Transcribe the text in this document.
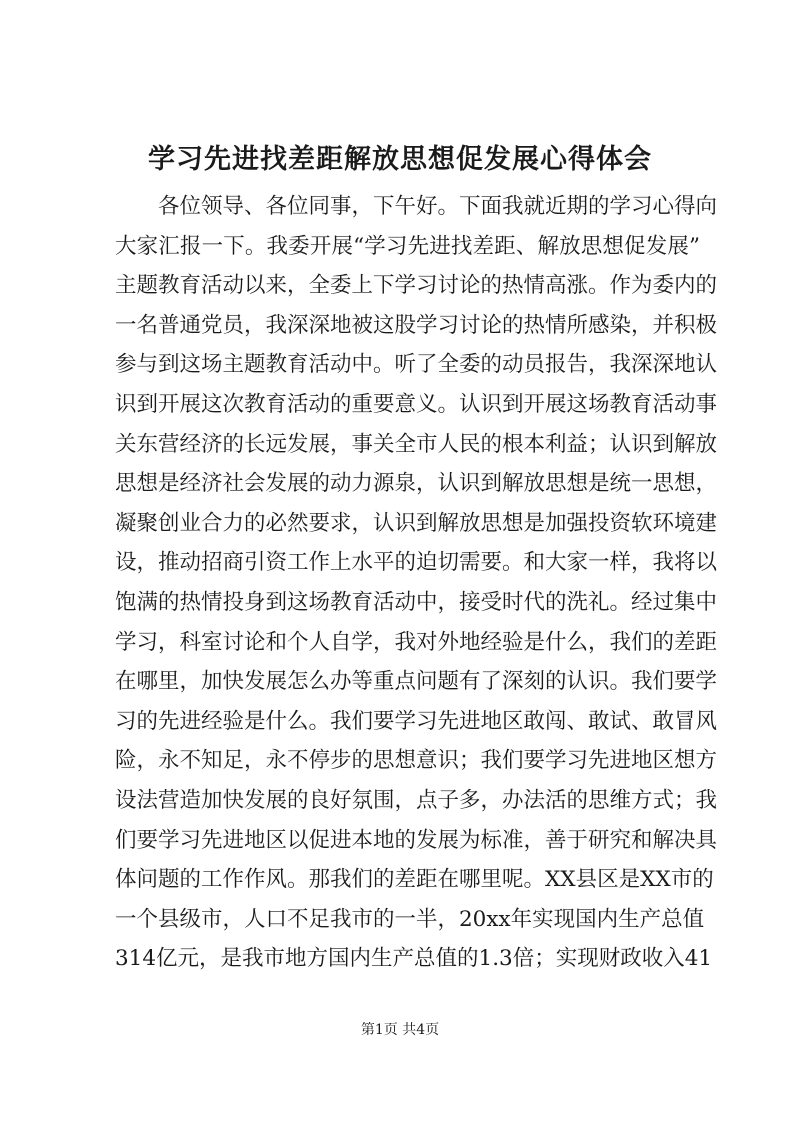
学习先进找差距解放思想促发展心得体会
各位领导、各位同事，下午好。下面我就近期的学习心得向
大家汇报一下。我委开展“学习先进找差距、解放思想促发展”
主题教育活动以来，全委上下学习讨论的热情高涨。作为委内的
一名普通党员，我深深地被这股学习讨论的热情所感染，并积极
参与到这场主题教育活动中。听了全委的动员报告，我深深地认
识到开展这次教育活动的重要意义。认识到开展这场教育活动事
关东营经济的长远发展，事关全市人民的根本利益；认识到解放
思想是经济社会发展的动力源泉，认识到解放思想是统一思想，
凝聚创业合力的必然要求，认识到解放思想是加强投资软环境建
设，推动招商引资工作上水平的迫切需要。和大家一样，我将以
饱满的热情投身到这场教育活动中，接受时代的洗礼。经过集中
学习，科室讨论和个人自学，我对外地经验是什么，我们的差距
在哪里，加快发展怎么办等重点问题有了深刻的认识。我们要学
习的先进经验是什么。我们要学习先进地区敢闯、敢试、敢冒风
险，永不知足，永不停步的思想意识；我们要学习先进地区想方
设法营造加快发展的良好氛围，点子多，办法活的思维方式；我
们要学习先进地区以促进本地的发展为标准，善于研究和解决具
体问题的工作作风。那我们的差距在哪里呢。XX县区是XX市的
一个县级市，人口不足我市的一半，20xx年实现国内生产总值
314亿元，是我市地方国内生产总值的1.3倍；实现财政收入41
第1页 共4页
